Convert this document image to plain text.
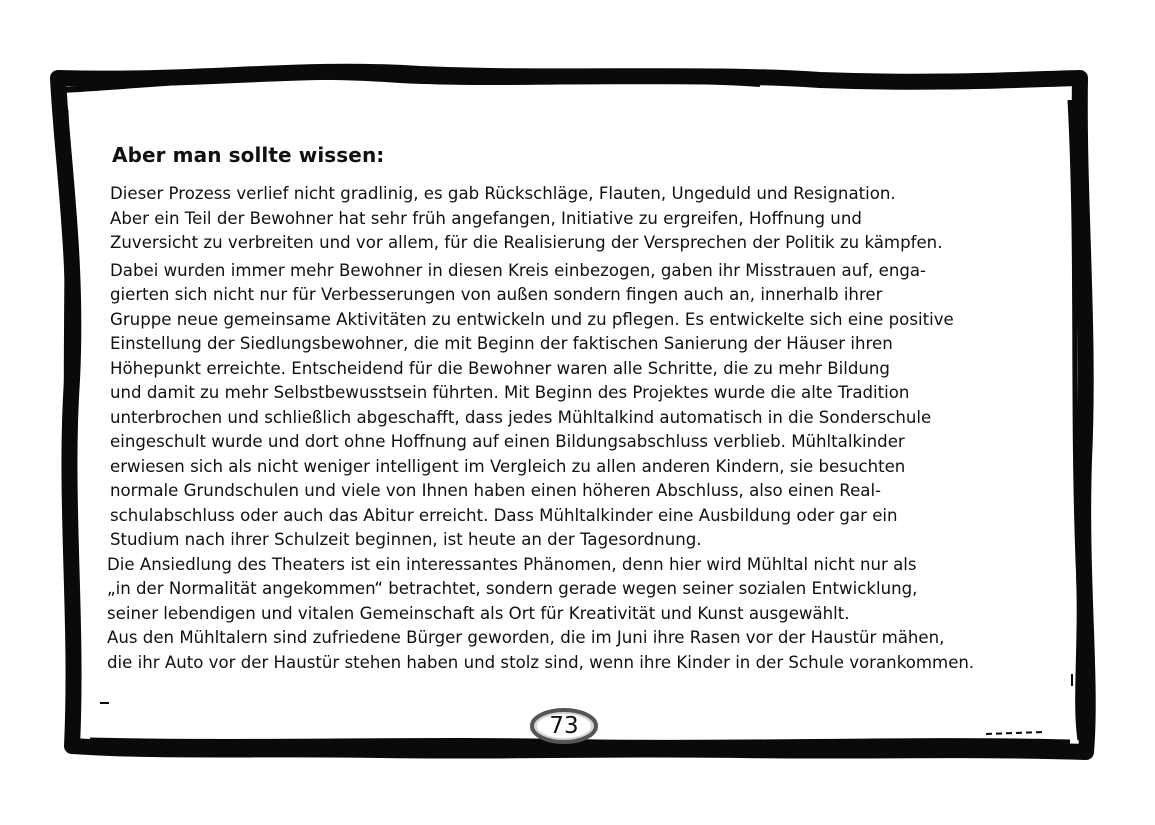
Aber man sollte wissen:

Dieser Prozess verlief nicht gradlinig, es gab Rückschläge, Flauten, Ungeduld und Resignation.
Aber ein Teil der Bewohner hat sehr früh angefangen, Initiative zu ergreifen, Hoffnung und
Zuversicht zu verbreiten und vor allem, für die Realisierung der Versprechen der Politik zu kämpfen.

Dabei wurden immer mehr Bewohner in diesen Kreis einbezogen, gaben ihr Misstrauen auf, enga-
gierten sich nicht nur für Verbesserungen von außen sondern fingen auch an, innerhalb ihrer
Gruppe neue gemeinsame Aktivitäten zu entwickeln und zu pflegen. Es entwickelte sich eine positive
Einstellung der Siedlungsbewohner, die mit Beginn der faktischen Sanierung der Häuser ihren
Höhepunkt erreichte. Entscheidend für die Bewohner waren alle Schritte, die zu mehr Bildung
und damit zu mehr Selbstbewusstsein führten. Mit Beginn des Projektes wurde die alte Tradition
unterbrochen und schließlich abgeschafft, dass jedes Mühltalkind automatisch in die Sonderschule
eingeschult wurde und dort ohne Hoffnung auf einen Bildungsabschluss verblieb. Mühltalkinder
erwiesen sich als nicht weniger intelligent im Vergleich zu allen anderen Kindern, sie besuchten
normale Grundschulen und viele von Ihnen haben einen höheren Abschluss, also einen Real-
schulabschluss oder auch das Abitur erreicht. Dass Mühltalkinder eine Ausbildung oder gar ein
Studium nach ihrer Schulzeit beginnen, ist heute an der Tagesordnung.
Die Ansiedlung des Theaters ist ein interessantes Phänomen, denn hier wird Mühltal nicht nur als
„in der Normalität angekommen“ betrachtet, sondern gerade wegen seiner sozialen Entwicklung,
seiner lebendigen und vitalen Gemeinschaft als Ort für Kreativität und Kunst ausgewählt.
Aus den Mühltalern sind zufriedene Bürger geworden, die im Juni ihre Rasen vor der Haustür mähen,
die ihr Auto vor der Haustür stehen haben und stolz sind, wenn ihre Kinder in der Schule vorankommen.

73
